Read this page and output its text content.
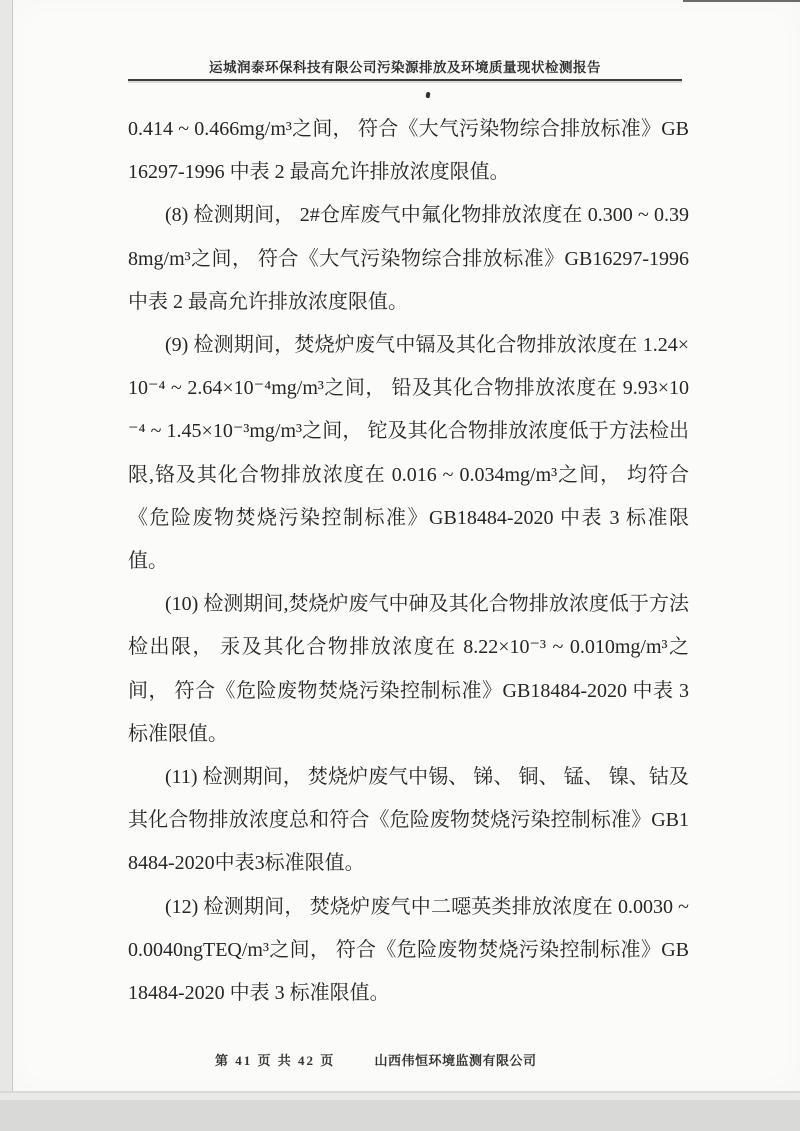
运城润泰环保科技有限公司污染源排放及环境质量现状检测报告

0.414 ~ 0.466mg/m³之间， 符合《大气污染物综合排放标准》GB16297-1996 中表 2 最高允许排放浓度限值。

(8) 检测期间， 2#仓库废气中氟化物排放浓度在 0.300 ~ 0.398mg/m³之间， 符合《大气污染物综合排放标准》GB16297-1996 中表 2 最高允许排放浓度限值。

(9) 检测期间，焚烧炉废气中镉及其化合物排放浓度在 1.24×10⁻⁴ ~ 2.64×10⁻⁴mg/m³之间， 铅及其化合物排放浓度在 9.93×10⁻⁴ ~ 1.45×10⁻³mg/m³之间， 铊及其化合物排放浓度低于方法检出限,铬及其化合物排放浓度在 0.016 ~ 0.034mg/m³之间， 均符合《危险废物焚烧污染控制标准》GB18484-2020 中表 3 标准限值。

(10) 检测期间,焚烧炉废气中砷及其化合物排放浓度低于方法检出限， 汞及其化合物排放浓度在 8.22×10⁻³ ~ 0.010mg/m³之间， 符合《危险废物焚烧污染控制标准》GB18484-2020 中表 3 标准限值。

(11) 检测期间， 焚烧炉废气中锡、 锑、 铜、 锰、 镍、钴及其化合物排放浓度总和符合《危险废物焚烧污染控制标准》GB18484-2020中表3标准限值。

(12) 检测期间， 焚烧炉废气中二噁英类排放浓度在 0.0030 ~ 0.0040ngTEQ/m³之间， 符合《危险废物焚烧污染控制标准》GB18484-2020 中表 3 标准限值。

第 41 页 共 42 页	山西伟恒环境监测有限公司
